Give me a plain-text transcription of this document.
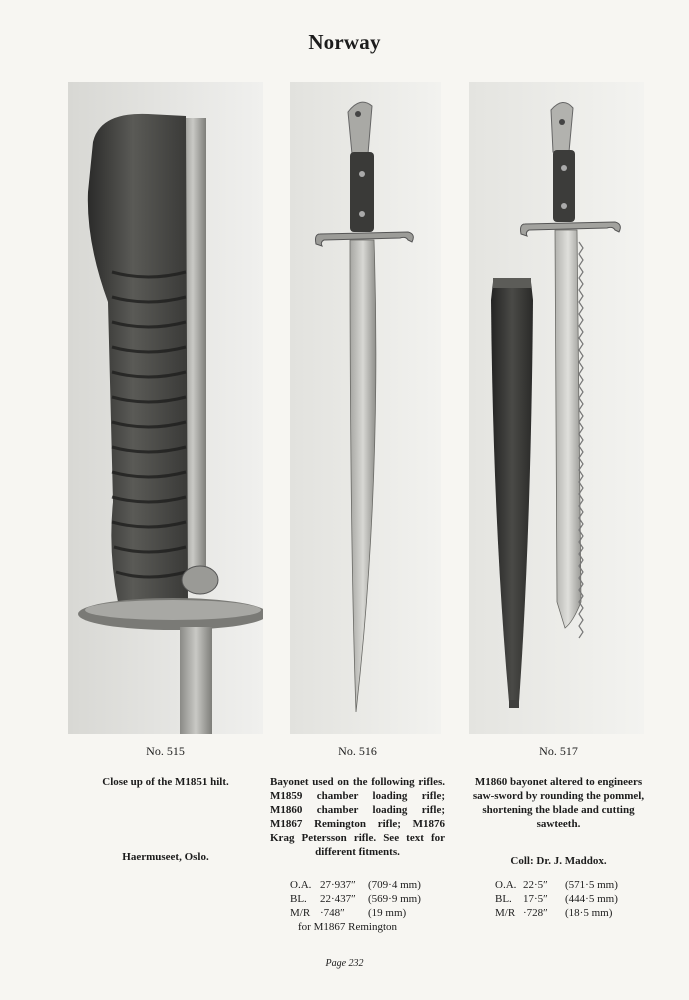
Norway
No. 515
Close up of the M1851 hilt.
Haermuseet, Oslo.
No. 516
Bayonet used on the following rifles. M1859 chamber loading rifle; M1860 chamber loading rifle; M1867 Remington rifle; M1876 Krag Petersson rifle. See text for different fitments.
No. 517
M1860 bayonet altered to engineers saw-sword by rounding the pommel, shortening the blade and cutting sawteeth.
Coll: Dr. J. Maddox.
O.A. 27·937″	(709·4 mm)
BL.	22·437″	(569·9 mm)
M/R ·748″	(19 mm)
for M1867 Remington
O.A. 22·5″	(571·5 mm)
BL.	17·5″	(444·5 mm)
M/R ·728″	(18·5 mm)
Page 232
